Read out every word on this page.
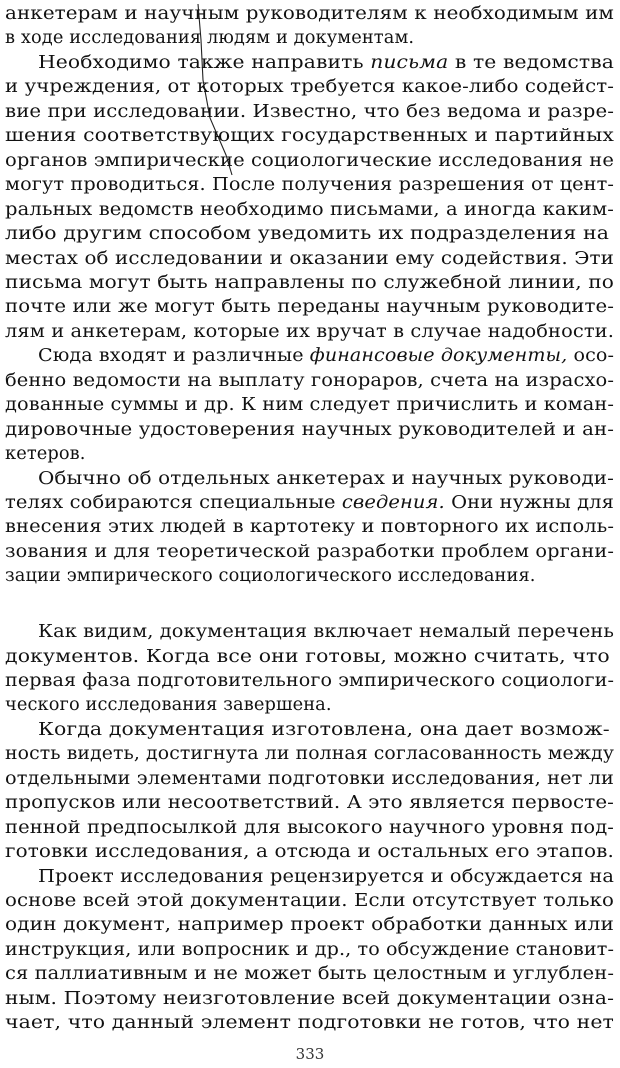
анкетерам и научным руководителям к необходимым им
в ходе исследования людям и документам.
Необходимо также направить письма в те ведомства
и учреждения, от которых требуется какое-либо содейст-
вие при исследовании. Известно, что без ведома и разре-
шения соответствующих государственных и партийных
органов эмпирические социологические исследования не
могут проводиться. После получения разрешения от цент-
ральных ведомств необходимо письмами, а иногда каким-
либо другим способом уведомить их подразделения на
местах об исследовании и оказании ему содействия. Эти
письма могут быть направлены по служебной линии, по
почте или же могут быть переданы научным руководите-
лям и анкетерам, которые их вручат в случае надобности.
Сюда входят и различные финансовые документы, осо-
бенно ведомости на выплату гонораров, счета на израсхо-
дованные суммы и др. К ним следует причислить и коман-
дировочные удостоверения научных руководителей и ан-
кетеров.
Обычно об отдельных анкетерах и научных руководи-
телях собираются специальные сведения. Они нужны для
внесения этих людей в картотеку и повторного их исполь-
зования и для теоретической разработки проблем органи-
зации эмпирического социологического исследования.
Как видим, документация включает немалый перечень
документов. Когда все они готовы, можно считать, что
первая фаза подготовительного эмпирического социологи-
ческого исследования завершена.
Когда документация изготовлена, она дает возмож-
ность видеть, достигнута ли полная согласованность между
отдельными элементами подготовки исследования, нет ли
пропусков или несоответствий. А это является первосте-
пенной предпосылкой для высокого научного уровня под-
готовки исследования, а отсюда и остальных его этапов.
Проект исследования рецензируется и обсуждается на
основе всей этой документации. Если отсутствует только
один документ, например проект обработки данных или
инструкция, или вопросник и др., то обсуждение становит-
ся паллиативным и не может быть целостным и углублен-
ным. Поэтому неизготовление всей документации озна-
чает, что данный элемент подготовки не готов, что нет
333
